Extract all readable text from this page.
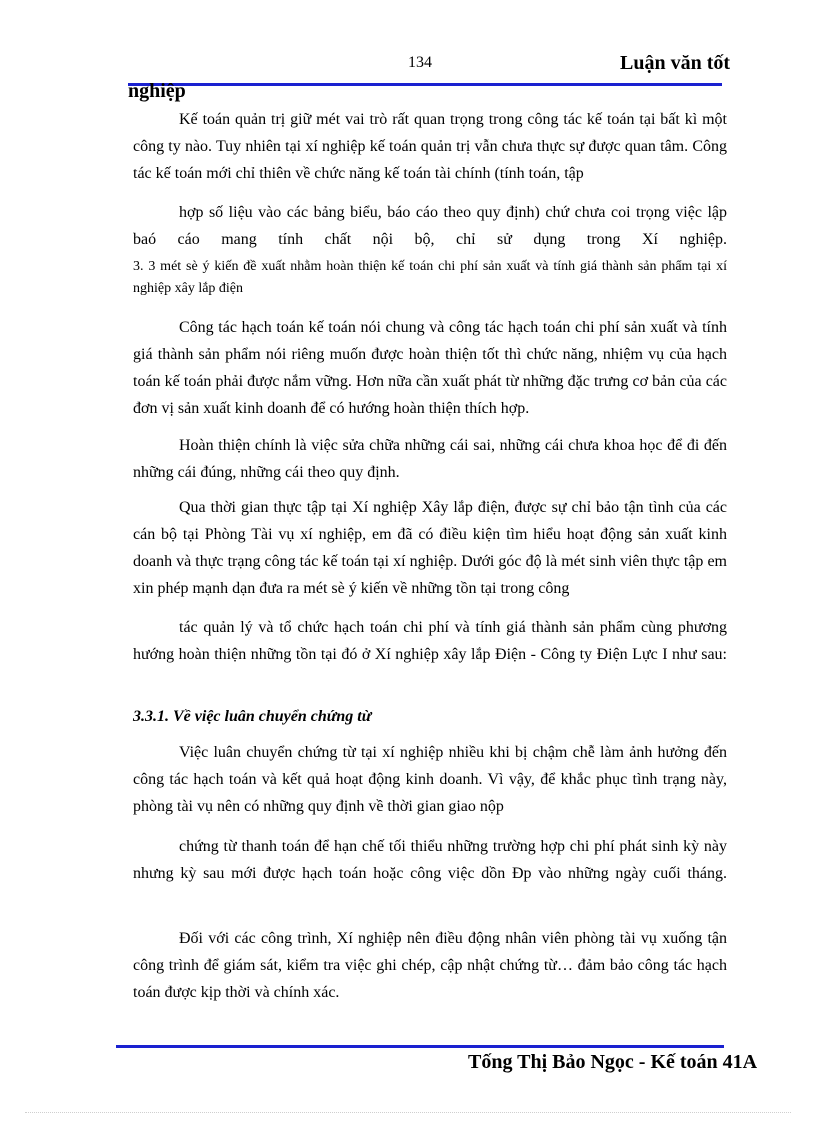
134	Luận văn tốt
nghiệp
Kế toán quản trị giữ mét vai trò rất quan trọng trong công tác kế toán tại bất kì một công ty nào. Tuy nhiên tại xí nghiệp kế toán quản trị vẫn chưa thực sự được quan tâm. Công tác kế toán mới chỉ thiên về chức năng kế toán tài chính (tính toán, tập
hợp số liệu vào các bảng biểu, báo cáo theo quy định) chứ chưa coi trọng việc lập baó cáo mang tính chất nội bộ, chỉ sử dụng trong Xí nghiệp.
3. 3 mét sè ý kiến đề xuất nhằm hoàn thiện kế toán chi phí sản xuất và tính giá thành sản phẩm tại xí nghiệp xây lắp điện
Công tác hạch toán kế toán nói chung và công tác hạch toán chi phí sản xuất và tính giá thành sản phẩm nói riêng muốn được hoàn thiện tốt thì chức năng, nhiệm vụ của hạch toán kế toán phải được nắm vững. Hơn nữa cần xuất phát từ những đặc trưng cơ bản của các đơn vị sản xuất kinh doanh để có hướng hoàn thiện thích hợp.
Hoàn thiện chính là việc sửa chữa những cái sai, những cái chưa khoa học để đi đến những cái đúng, những cái theo quy định.
Qua thời gian thực tập tại Xí nghiệp Xây lắp điện, được sự chỉ bảo tận tình của các cán bộ tại Phòng Tài vụ xí nghiệp, em đã có điều kiện tìm hiểu hoạt động sản xuất kinh doanh và thực trạng công tác kế toán tại xí nghiệp. Dưới góc độ là mét sinh viên thực tập em xin phép mạnh dạn đưa ra mét sè ý kiến về những tồn tại trong công
tác quản lý và tổ chức hạch toán chi phí và tính giá thành sản phẩm cùng phương hướng hoàn thiện những tồn tại đó ở Xí nghiệp xây lắp Điện - Công ty Điện Lực I như sau:
3.3.1. Về việc luân chuyển chứng từ
Việc luân chuyển chứng từ tại xí nghiệp nhiều khi bị chậm chễ làm ảnh hưởng đến công tác hạch toán và kết quả hoạt động kinh doanh. Vì vậy, để khắc phục tình trạng này, phòng tài vụ nên có những quy định về thời gian giao nộp
chứng từ thanh toán để hạn chế tối thiểu những trường hợp chi phí phát sinh kỳ này nhưng kỳ sau mới được hạch toán hoặc công việc dồn Đp vào những ngày cuối tháng.
Đối với các công trình, Xí nghiệp nên điều động nhân viên phòng tài vụ xuống tận công trình để giám sát, kiểm tra việc ghi chép, cập nhật chứng từ… đảm bảo công tác hạch toán được kịp thời và chính xác.
Tống Thị Bảo Ngọc - Kế toán 41A
